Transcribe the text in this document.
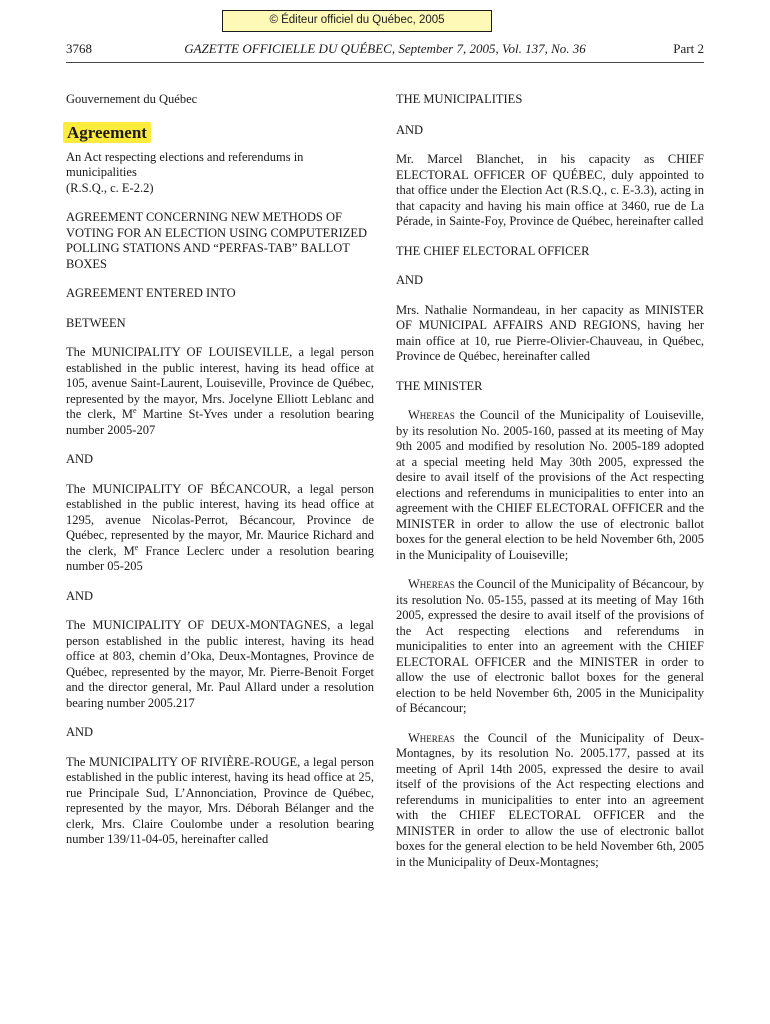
© Éditeur officiel du Québec, 2005
3768	GAZETTE OFFICIELLE DU QUÉBEC, September 7, 2005, Vol. 137, No. 36	Part 2

Gouvernement du Québec

Agreement

An Act respecting elections and referendums in municipalities

(R.S.Q., c. E-2.2)

AGREEMENT CONCERNING NEW METHODS OF VOTING FOR AN ELECTION USING COMPUTERIZED POLLING STATIONS AND “PERFAS-TAB” BALLOT BOXES

AGREEMENT ENTERED INTO

BETWEEN

The MUNICIPALITY OF LOUISEVILLE, a legal person established in the public interest, having its head office at 105, avenue Saint-Laurent, Louiseville, Province de Québec, represented by the mayor, Mrs. Jocelyne Elliott Leblanc and the clerk, Me Martine St-Yves under a resolution bearing number 2005-207

AND

The MUNICIPALITY OF BÉCANCOUR, a legal person established in the public interest, having its head office at 1295, avenue Nicolas-Perrot, Bécancour, Province de Québec, represented by the mayor, Mr. Maurice Richard and the clerk, Me France Leclerc under a resolution bearing number 05-205

AND

The MUNICIPALITY OF DEUX-MONTAGNES, a legal person established in the public interest, having its head office at 803, chemin d’Oka, Deux-Montagnes, Province de Québec, represented by the mayor, Mr. Pierre-Benoit Forget and the director general, Mr. Paul Allard under a resolution bearing number 2005.217

AND

The MUNICIPALITY OF RIVIÈRE-ROUGE, a legal person established in the public interest, having its head office at 25, rue Principale Sud, L’Annonciation, Province de Québec, represented by the mayor, Mrs. Déborah Bélanger and the clerk, Mrs. Claire Coulombe under a resolution bearing number 139/11-04-05, hereinafter called

THE MUNICIPALITIES

AND

Mr. Marcel Blanchet, in his capacity as CHIEF ELECTORAL OFFICER OF QUÉBEC, duly appointed to that office under the Election Act (R.S.Q., c. E-3.3), acting in that capacity and having his main office at 3460, rue de La Pérade, in Sainte-Foy, Province de Québec, hereinafter called

THE CHIEF ELECTORAL OFFICER

AND

Mrs. Nathalie Normandeau, in her capacity as MINISTER OF MUNICIPAL AFFAIRS AND REGIONS, having her main office at 10, rue Pierre-Olivier-Chauveau, in Québec, Province de Québec, hereinafter called

THE MINISTER

Whereas the Council of the Municipality of Louiseville, by its resolution No. 2005-160, passed at its meeting of May 9th 2005 and modified by resolution No. 2005-189 adopted at a special meeting held May 30th 2005, expressed the desire to avail itself of the provisions of the Act respecting elections and referendums in municipalities to enter into an agreement with the CHIEF ELECTORAL OFFICER and the MINISTER in order to allow the use of electronic ballot boxes for the general election to be held November 6th, 2005 in the Municipality of Louiseville;

Whereas the Council of the Municipality of Bécancour, by its resolution No. 05-155, passed at its meeting of May 16th 2005, expressed the desire to avail itself of the provisions of the Act respecting elections and referendums in municipalities to enter into an agreement with the CHIEF ELECTORAL OFFICER and the MINISTER in order to allow the use of electronic ballot boxes for the general election to be held November 6th, 2005 in the Municipality of Bécancour;

Whereas the Council of the Municipality of Deux-Montagnes, by its resolution No. 2005.177, passed at its meeting of April 14th 2005, expressed the desire to avail itself of the provisions of the Act respecting elections and referendums in municipalities to enter into an agreement with the CHIEF ELECTORAL OFFICER and the MINISTER in order to allow the use of electronic ballot boxes for the general election to be held November 6th, 2005 in the Municipality of Deux-Montagnes;
